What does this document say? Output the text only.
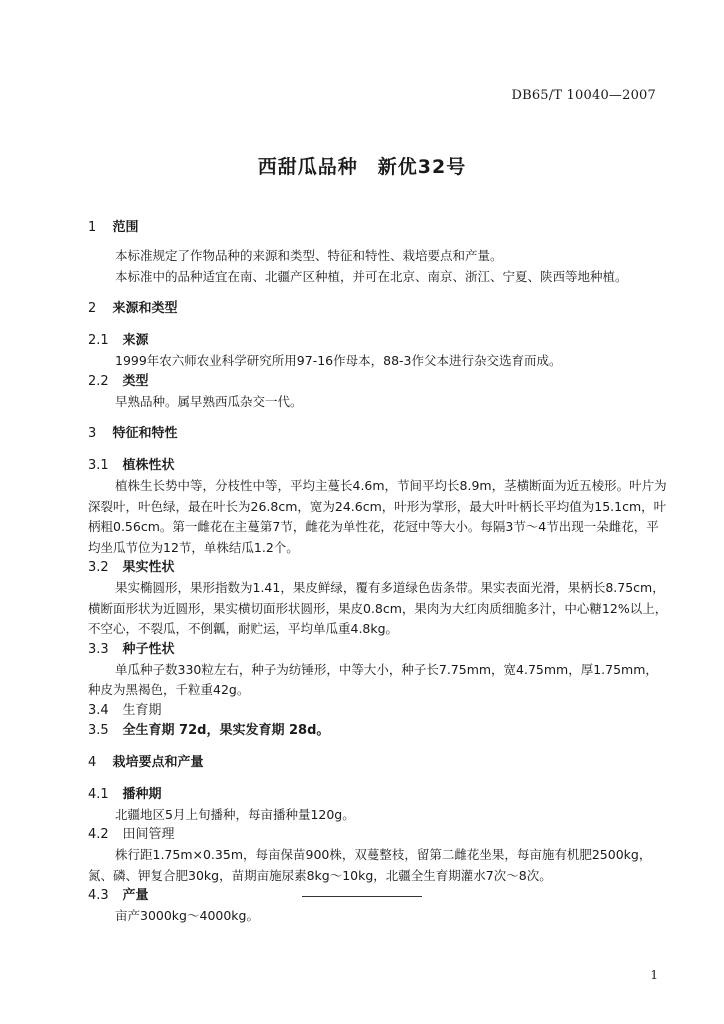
DB65/T 10040—2007
西甜瓜品种　新优32号
1 范围

本标准规定了作物品种的来源和类型、特征和特性、栽培要点和产量。

本标准中的品种适宜在南、北疆产区种植，并可在北京、南京、浙江、宁夏、陕西等地种植。

2 来源和类型
2.1 来源

1999年农六师农业科学研究所用97-16作母本，88-3作父本进行杂交选育而成。

2.2 类型

早熟品种。属早熟西瓜杂交一代。

3 特征和特性
3.1 植株性状

植株生长势中等，分枝性中等，平均主蔓长4.6m，节间平均长8.9m，茎横断面为近五棱形。叶片为深裂叶，叶色绿，最在叶长为26.8cm，宽为24.6cm，叶形为掌形，最大叶叶柄长平均值为15.1cm，叶柄粗0.56cm。第一雌花在主蔓第7节，雌花为单性花，花冠中等大小。每隔3节～4节出现一朵雌花，平均坐瓜节位为12节，单株结瓜1.2个。

3.2 果实性状

果实椭圆形，果形指数为1.41，果皮鲜绿，覆有多道绿色齿条带。果实表面光滑，果柄长8.75cm，横断面形状为近圆形，果实横切面形状圆形，果皮0.8cm，果肉为大红肉质细脆多汁，中心糖12%以上，不空心，不裂瓜，不倒瓤，耐贮运，平均单瓜重4.8kg。

3.3 种子性状

单瓜种子数330粒左右，种子为纺锤形，中等大小，种子长7.75mm，宽4.75mm，厚1.75mm，种皮为黑褐色，千粒重42g。

3.4 生育期
3.5 全生育期 72d，果实发育期 28d。
4 栽培要点和产量
4.1 播种期

北疆地区5月上旬播种，每亩播种量120g。

4.2 田间管理

株行距1.75m×0.35m，每亩保苗900株，双蔓整枝，留第二雌花坐果，每亩施有机肥2500kg，氮、磷、钾复合肥30kg，苗期亩施尿素8kg～10kg，北疆全生育期灌水7次～8次。

4.3 产量

亩产3000kg～4000kg。

1
